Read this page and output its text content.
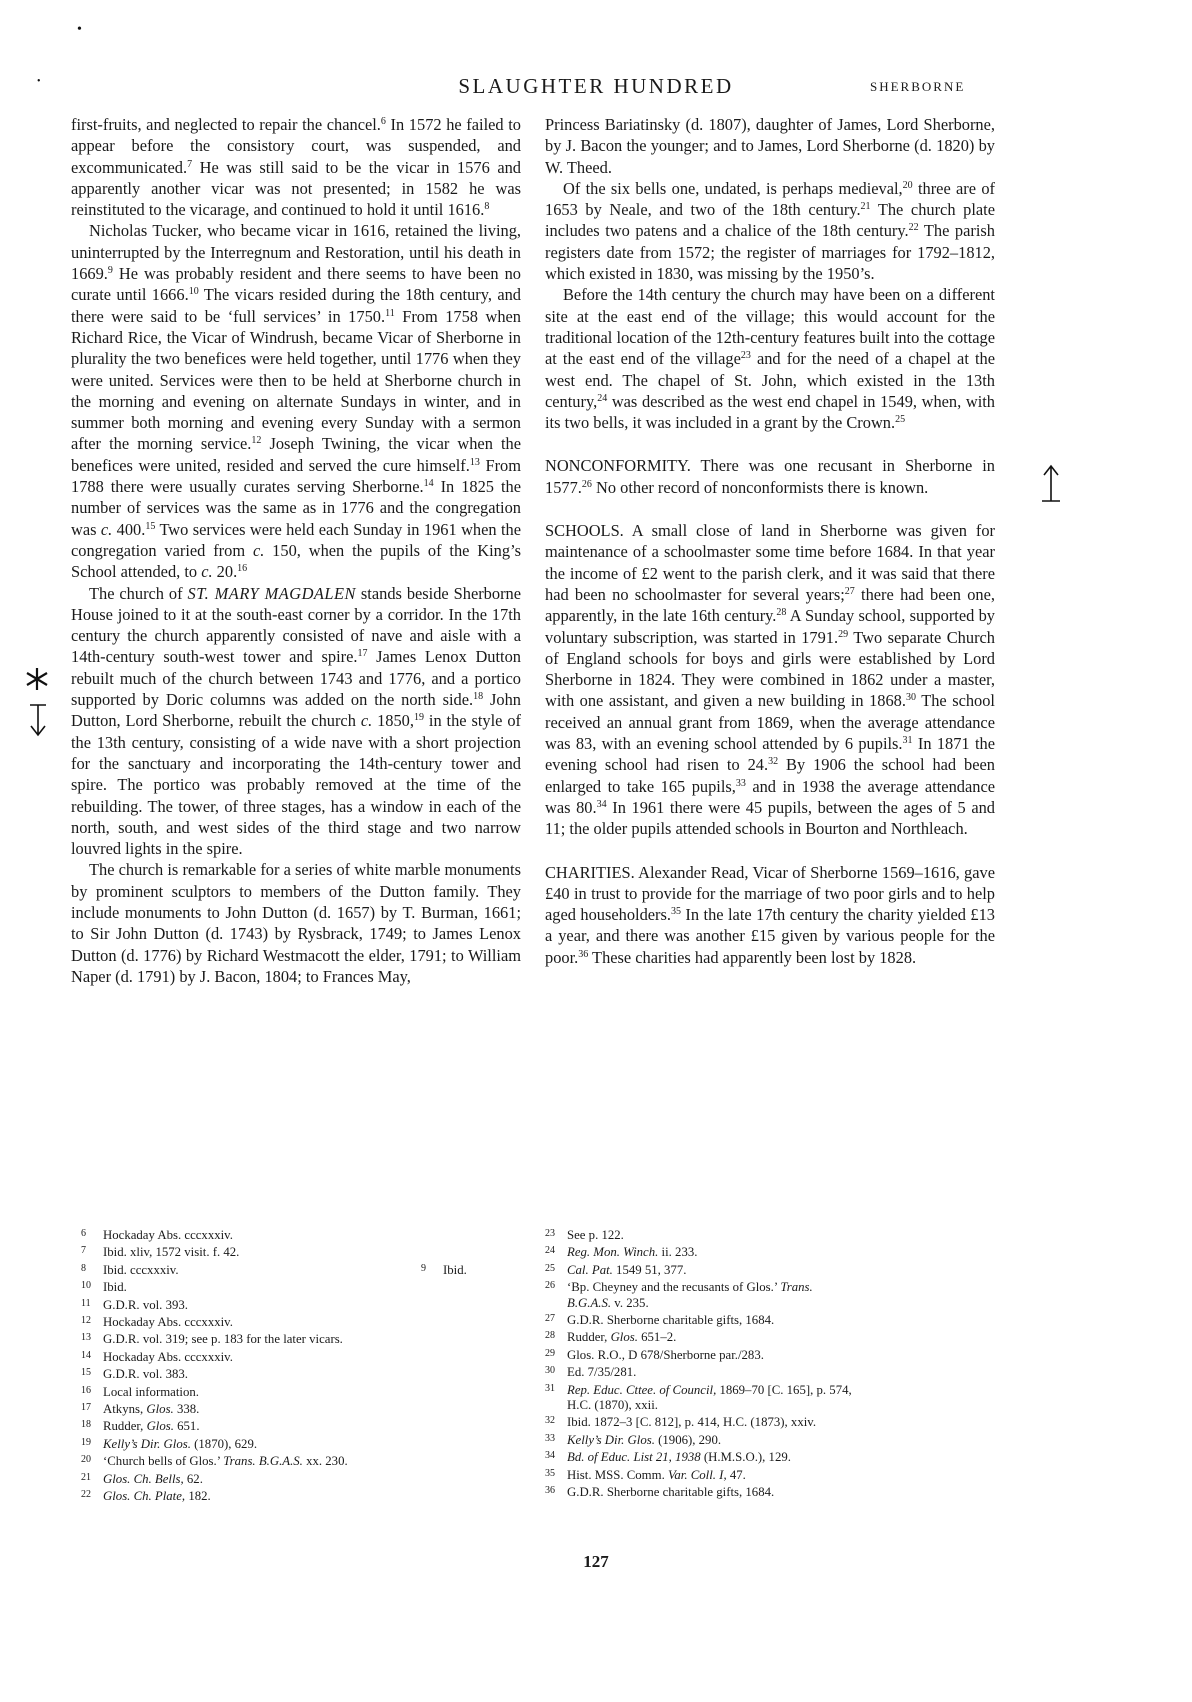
•
•	SLAUGHTER HUNDRED	SHERBORNE

first-fruits, and neglected to repair the chancel.$^6$ In 1572 he failed to appear before the consistory court, was suspended, and excommunicated.$^7$ He was still said to be the vicar in 1576 and apparently another vicar was not presented; in 1582 he was reinstituted to the vicarage, and continued to hold it until 1616.$^8$

Nicholas Tucker, who became vicar in 1616, retained the living, uninterrupted by the Interregnum and Restoration, until his death in 1669.$^9$ He was probably resident and there seems to have been no curate until 1666.10 The vicars resided during the 18th century, and there were said to be ‘full services’ in 1750.11 From 1758 when Richard Rice, the Vicar of Windrush, became Vicar of Sherborne in plurality the two benefices were held together, until 1776 when they were united. Services were then to be held at Sherborne church in the morning and evening on alternate Sundays in winter, and in summer both morning and evening every Sunday with a sermon after the morning service.$^{12}$ Joseph Twining, the vicar when the benefices were united, resided and served the cure himself.$^{13}$ From 1788 there were usually curates serving Sherborne.$^{14}$ In 1825 the number of services was the same as in 1776 and the congregation was c. 400.15 Two services were held each Sunday in 1961 when the congregation varied from c. 150, when the pupils of the King’s School attended, to c. 20.16

The church of ST. MARY MAGDALEN stands beside Sherborne House joined to it at the south-east corner by a corridor. In the 17th century the church apparently consisted of nave and aisle with a 14th-century south-west tower and spire.$^{17}$ James Lenox Dutton rebuilt much of the church between 1743 and 1776, and a portico supported by Doric columns was added on the north side.$^{18}$ John Dutton, Lord Sherborne, rebuilt the church c. 1850,19 in the style of the 13th century, consisting of a wide nave with a short projection for the sanctuary and incorporating the 14th-century tower and spire. The portico was probably removed at the time of the rebuilding. The tower, of three stages, has a window in each of the north, south, and west sides of the third stage and two narrow louvred lights in the spire.

The church is remarkable for a series of white marble monuments by prominent sculptors to members of the Dutton family. They include monuments to John Dutton (d. 1657) by T. Burman, 1661; to Sir John Dutton (d. 1743) by Rysbrack, 1749; to James Lenox Dutton (d. 1776) by Richard Westmacott the elder, 1791; to William Naper (d. 1791) by J. Bacon, 1804; to Frances May,

Princess Bariatinsky (d. 1807), daughter of James, Lord Sherborne, by J. Bacon the younger; and to James, Lord Sherborne (d. 1820) by W. Theed.

Of the six bells one, undated, is perhaps medieval,$^{20}$ three are of 1653 by Neale, and two of the 18th century.$^{21}$ The church plate includes two patens and a chalice of the 18th century.$^{22}$ The parish registers date from 1572; the register of marriages for 1792–1812, which existed in 1830, was missing by the 1950’s.

Before the 14th century the church may have been on a different site at the east end of the village; this would account for the traditional location of the 12th-century features built into the cottage at the east end of the village$^{23}$ and for the need of a chapel at the west end. The chapel of St. John, which existed in the 13th century,$^{24}$ was described as the west end chapel in 1549, when, with its two bells, it was included in a grant by the Crown.$^{25}$

NONCONFORMITY. There was one recusant in Sherborne in 1577.26 No other record of nonconformists there is known.

SCHOOLS. A small close of land in Sherborne was given for maintenance of a schoolmaster some time before 1684. In that year the income of £2 went to the parish clerk, and it was said that there had been no schoolmaster for several years;$^{27}$ there had been one, apparently, in the late 16th century.$^{28}$ A Sunday school, supported by voluntary subscription, was started in 1791.29 Two separate Church of England schools for boys and girls were established by Lord Sherborne in 1824. They were combined in 1862 under a master, with one assistant, and given a new building in 1868.30 The school received an annual grant from 1869, when the average attendance was 83, with an evening school attended by 6 pupils.$^{31}$ In 1871 the evening school had risen to 24.32 By 1906 the school had been enlarged to take 165 pupils,$^{33}$ and in 1938 the average attendance was 80.34 In 1961 there were 45 pupils, between the ages of 5 and 11; the older pupils attended schools in Bourton and Northleach.

CHARITIES. Alexander Read, Vicar of Sherborne 1569–1616, gave £40 in trust to provide for the marriage of two poor girls and to help aged householders.$^{35}$ In the late 17th century the charity yielded £13 a year, and there was another £15 given by various people for the poor.$^{36}$ These charities had apparently been lost by 1828.

6 Hockaday Abs. ccc​xxxiv.
7 Ibid. xliv, 1572 visit. f. 42.
8 Ibid. ccc​xxxiv.	9 Ibid.
10 Ibid.
11 G.D.R. vol. 393.
12 Hockaday Abs. ccc​xxxiv.
13 G.D.R. vol. 319; see p. 183 for the later vicars.
14 Hockaday Abs. ccc​xxxiv.
15 G.D.R. vol. 383.
16 Local information.
17 Atkyns, Glos. 338.
18 Rudder, Glos. 651.
19 Kelly’s Dir. Glos. (1870), 629.
20 ‘Church bells of Glos.’ Trans. B.G.A.S. xx. 230.
21 Glos. Ch. Bells, 62.
22 Glos. Ch. Plate, 182.
23 See p. 122.
24 Reg. Mon. Winch. ii. 233.
25 Cal. Pat. 1549 51, 377.
26 ‘Bp. Cheyney and the recusants of Glos.’ Trans.
B.G.A.S. v. 235.
27 G.D.R. Sherborne charitable gifts, 1684.
28 Rudder, Glos. 651–2.
29 Glos. R.O., D 678/Sherborne par./283.
30 Ed. 7/35/281.
31 Rep. Educ. Cttee. of Council, 1869–70 [C. 165], p. 574,
H.C. (1870), xxii.
32 Ibid. 1872–3 [C. 812], p. 414, H.C. (1873), xxiv.
33 Kelly’s Dir. Glos. (1906), 290.
34 Bd. of Educ. List 21, 1938 (H.M.S.O.), 129.
35 Hist. MSS. Comm. Var. Coll. I, 47.
36 G.D.R. Sherborne charitable gifts, 1684.
127
